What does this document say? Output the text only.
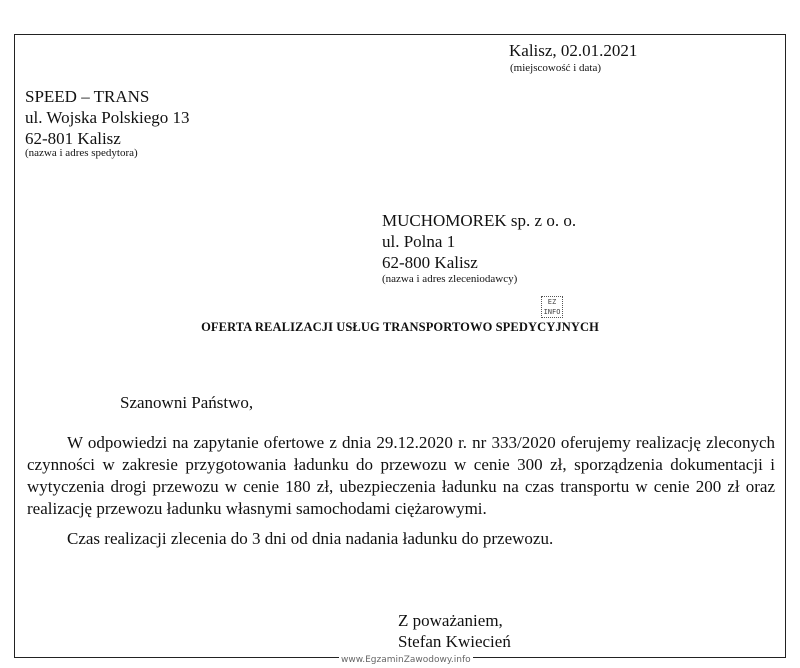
Kalisz, 02.01.2021
(miejscowość i data)
SPEED – TRANS
ul. Wojska Polskiego 13
62-801 Kalisz
(nazwa i adres spedytora)
MUCHOMOREK sp. z o. o.
ul. Polna 1
62-800 Kalisz
(nazwa i adres zleceniodawcy)
EZ
INFO
OFERTA REALIZACJI USŁUG TRANSPORTOWO SPEDYCYJNYCH
Szanowni Państwo,

W odpowiedzi na zapytanie ofertowe z dnia 29.12.2020 r. nr 333/2020 oferujemy realizację zleconych czynności w zakresie przygotowania ładunku do przewozu w cenie 300 zł, sporządzenia dokumentacji i wytyczenia drogi przewozu w cenie 180 zł, ubezpieczenia ładunku na czas transportu w cenie 200 zł oraz realizację przewozu ładunku własnymi samochodami ciężarowymi.

Czas realizacji zlecenia do 3 dni od dnia nadania ładunku do przewozu.
Z poważaniem,
Stefan Kwiecień
www.EgzaminZawodowy.info
